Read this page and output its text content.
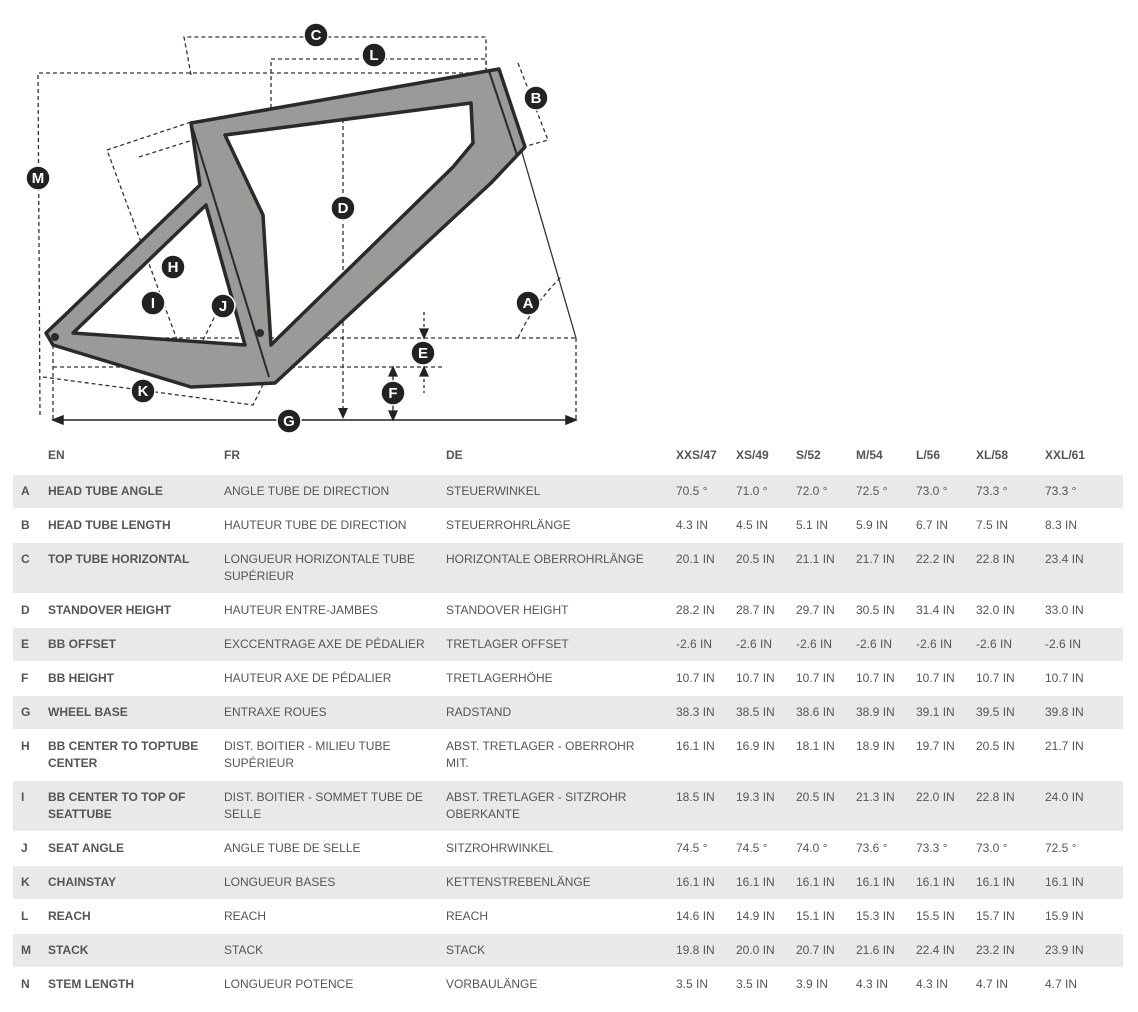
A
B
C
D
E
F
G
H
I	J
K
L
M
	EN	FR	DE	XXS/47	XS/49	S/52	M/54	L/56	XL/58	XXL/61
A	HEAD TUBE ANGLE	ANGLE TUBE DE DIRECTION	STEUERWINKEL	70.5 °	71.0 °	72.0 °	72.5 °	73.0 °	73.3 °	73.3 °
B	HEAD TUBE LENGTH	HAUTEUR TUBE DE DIRECTION	STEUERROHRLÄNGE	4.3 IN	4.5 IN	5.1 IN	5.9 IN	6.7 IN	7.5 IN	8.3 IN
C	TOP TUBE HORIZONTAL	LONGUEUR HORIZONTALE TUBE SUPÉRIEUR	HORIZONTALE OBERROHRLÄNGE	20.1 IN	20.5 IN	21.1 IN	21.7 IN	22.2 IN	22.8 IN	23.4 IN
D	STANDOVER HEIGHT	HAUTEUR ENTRE-JAMBES	STANDOVER HEIGHT	28.2 IN	28.7 IN	29.7 IN	30.5 IN	31.4 IN	32.0 IN	33.0 IN
E	BB OFFSET	EXCCENTRAGE AXE DE PÉDALIER	TRETLAGER OFFSET	-2.6 IN	-2.6 IN	-2.6 IN	-2.6 IN	-2.6 IN	-2.6 IN	-2.6 IN
F	BB HEIGHT	HAUTEUR AXE DE PÉDALIER	TRETLAGERHÖHE	10.7 IN	10.7 IN	10.7 IN	10.7 IN	10.7 IN	10.7 IN	10.7 IN
G	WHEEL BASE	ENTRAXE ROUES	RADSTAND	38.3 IN	38.5 IN	38.6 IN	38.9 IN	39.1 IN	39.5 IN	39.8 IN
H	BB CENTER TO TOPTUBE CENTER	DIST. BOITIER - MILIEU TUBE SUPÉRIEUR	ABST. TRETLAGER - OBERROHR MIT.	16.1 IN	16.9 IN	18.1 IN	18.9 IN	19.7 IN	20.5 IN	21.7 IN
I	BB CENTER TO TOP OF SEATTUBE	DIST. BOITIER - SOMMET TUBE DE SELLE	ABST. TRETLAGER - SITZROHR OBERKANTE	18.5 IN	19.3 IN	20.5 IN	21.3 IN	22.0 IN	22.8 IN	24.0 IN
J	SEAT ANGLE	ANGLE TUBE DE SELLE	SITZROHRWINKEL	74.5 °	74.5 °	74.0 °	73.6 °	73.3 °	73.0 °	72.5 °
K	CHAINSTAY	LONGUEUR BASES	KETTENSTREBENLÄNGE	16.1 IN	16.1 IN	16.1 IN	16.1 IN	16.1 IN	16.1 IN	16.1 IN
L	REACH	REACH	REACH	14.6 IN	14.9 IN	15.1 IN	15.3 IN	15.5 IN	15.7 IN	15.9 IN
M	STACK	STACK	STACK	19.8 IN	20.0 IN	20.7 IN	21.6 IN	22.4 IN	23.2 IN	23.9 IN
N	STEM LENGTH	LONGUEUR POTENCE	VORBAULÄNGE	3.5 IN	3.5 IN	3.9 IN	4.3 IN	4.3 IN	4.7 IN	4.7 IN
